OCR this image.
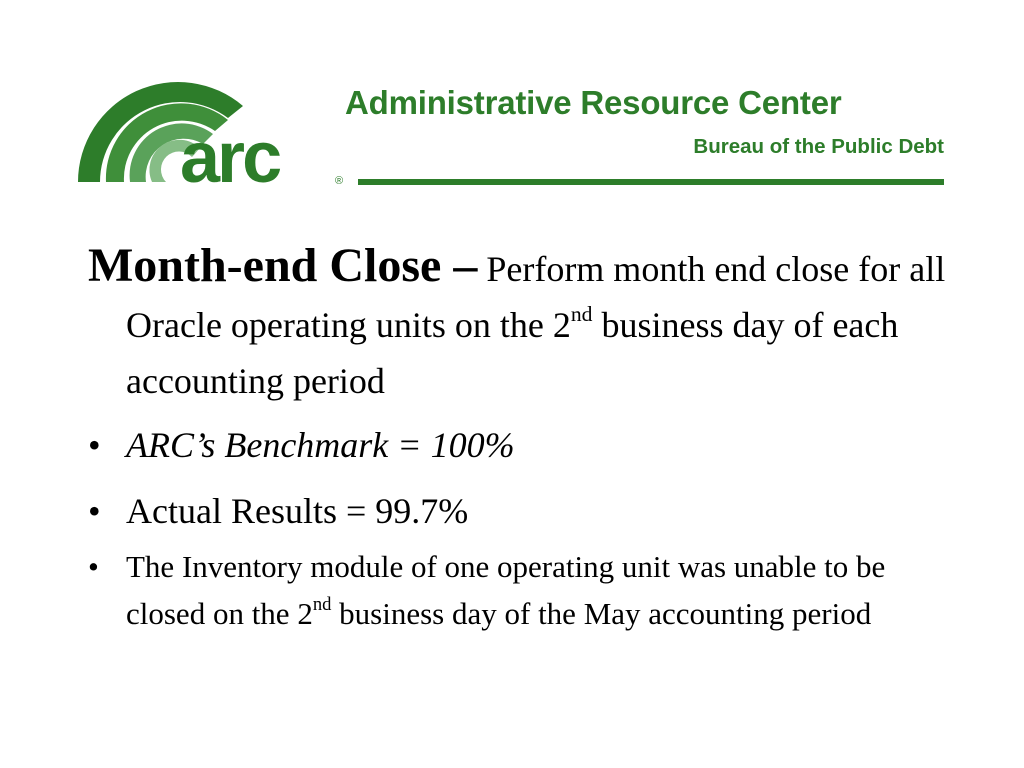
arc	®
Administrative Resource Center
Bureau of the Public Debt

Month-end Close – Perform month end close for all Oracle operating units on the 2nd business day of each accounting period

• ARC’s Benchmark = 100%
• Actual Results = 99.7%
• The Inventory module of one operating unit was unable to be closed on the 2nd business day of the May accounting period
